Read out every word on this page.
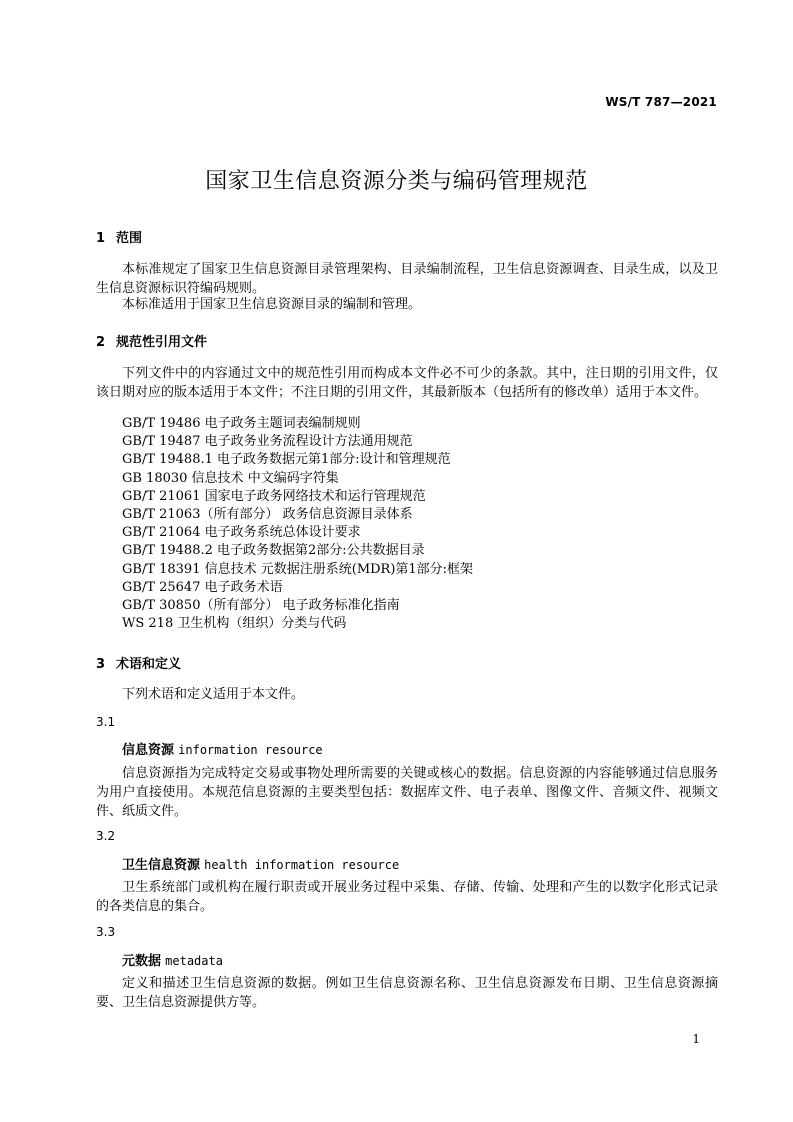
WS/T 787—2021
国家卫生信息资源分类与编码管理规范
1 范围
本标准规定了国家卫生信息资源目录管理架构、目录编制流程，卫生信息资源调查、目录生成，以及卫生信息资源标识符编码规则。
本标准适用于国家卫生信息资源目录的编制和管理。
2 规范性引用文件
下列文件中的内容通过文中的规范性引用而构成本文件必不可少的条款。其中，注日期的引用文件，仅该日期对应的版本适用于本文件；不注日期的引用文件，其最新版本（包括所有的修改单）适用于本文件。
GB/T 19486 电子政务主题词表编制规则
GB/T 19487 电子政务业务流程设计方法通用规范
GB/T 19488.1 电子政务数据元第1部分:设计和管理规范
GB 18030 信息技术 中文编码字符集
GB/T 21061 国家电子政务网络技术和运行管理规范
GB/T 21063（所有部分） 政务信息资源目录体系
GB/T 21064 电子政务系统总体设计要求
GB/T 19488.2 电子政务数据第2部分:公共数据目录
GB/T 18391 信息技术 元数据注册系统(MDR)第1部分:框架
GB/T 25647 电子政务术语
GB/T 30850（所有部分） 电子政务标准化指南
WS 218 卫生机构（组织）分类与代码
3 术语和定义
下列术语和定义适用于本文件。
3.1
信息资源 information resource
信息资源指为完成特定交易或事物处理所需要的关键或核心的数据。信息资源的内容能够通过信息服务为用户直接使用。本规范信息资源的主要类型包括：数据库文件、电子表单、图像文件、音频文件、视频文件、纸质文件。
3.2
卫生信息资源 health information resource
卫生系统部门或机构在履行职责或开展业务过程中采集、存储、传输、处理和产生的以数字化形式记录的各类信息的集合。
3.3
元数据 metadata
定义和描述卫生信息资源的数据。例如卫生信息资源名称、卫生信息资源发布日期、卫生信息资源摘要、卫生信息资源提供方等。
1
